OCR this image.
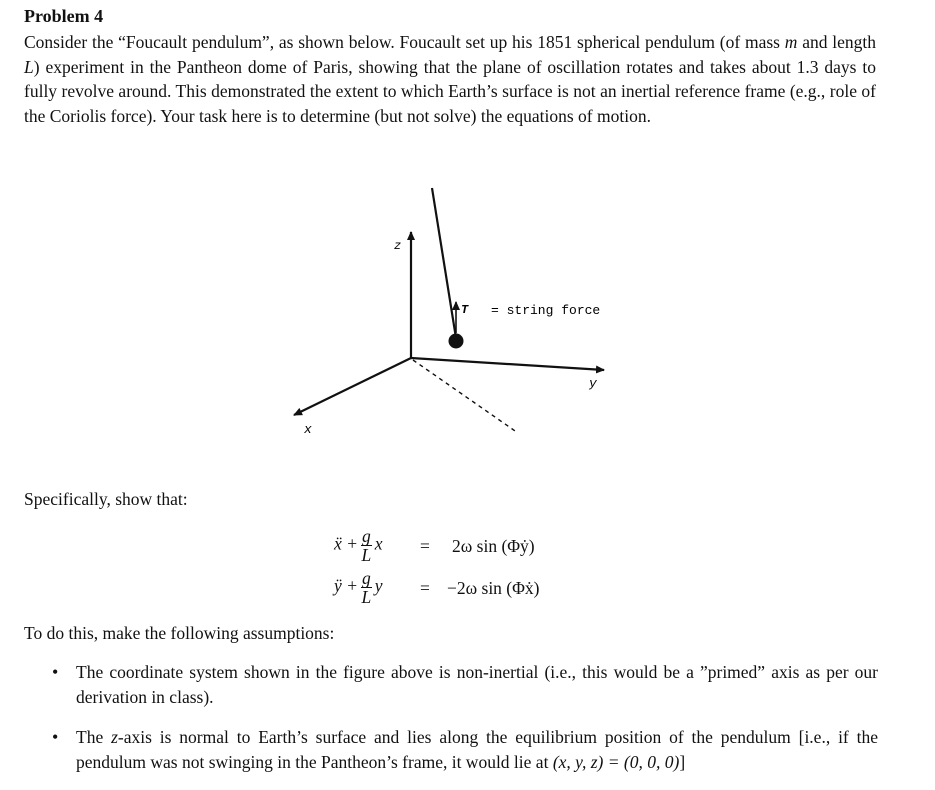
Problem 4
Consider the “Foucault pendulum”, as shown below. Foucault set up his 1851 spherical pendulum (of mass m and length L) experiment in the Pantheon dome of Paris, showing that the plane of oscillation rotates and takes about 1.3 days to fully revolve around. This demonstrated the extent to which Earth’s surface is not an inertial reference frame (e.g., role of the Coriolis force). Your task here is to determine (but not solve) the equations of motion.
z
y
x
T = string force
Specifically, show that:
ẍ + $\frac{g}{L}$ x = 2ω sin (Φẏ)
ÿ + $\frac{g}{L}$ y = −2ω sin (Φẋ)
To do this, make the following assumptions:
• The coordinate system shown in the figure above is non-inertial (i.e., this would be a ”primed” axis as per our derivation in class).
• The z-axis is normal to Earth’s surface and lies along the equilibrium position of the pendulum [i.e., if the pendulum was not swinging in the Pantheon’s frame, it would lie at (x, y, z) = (0, 0, 0)]
